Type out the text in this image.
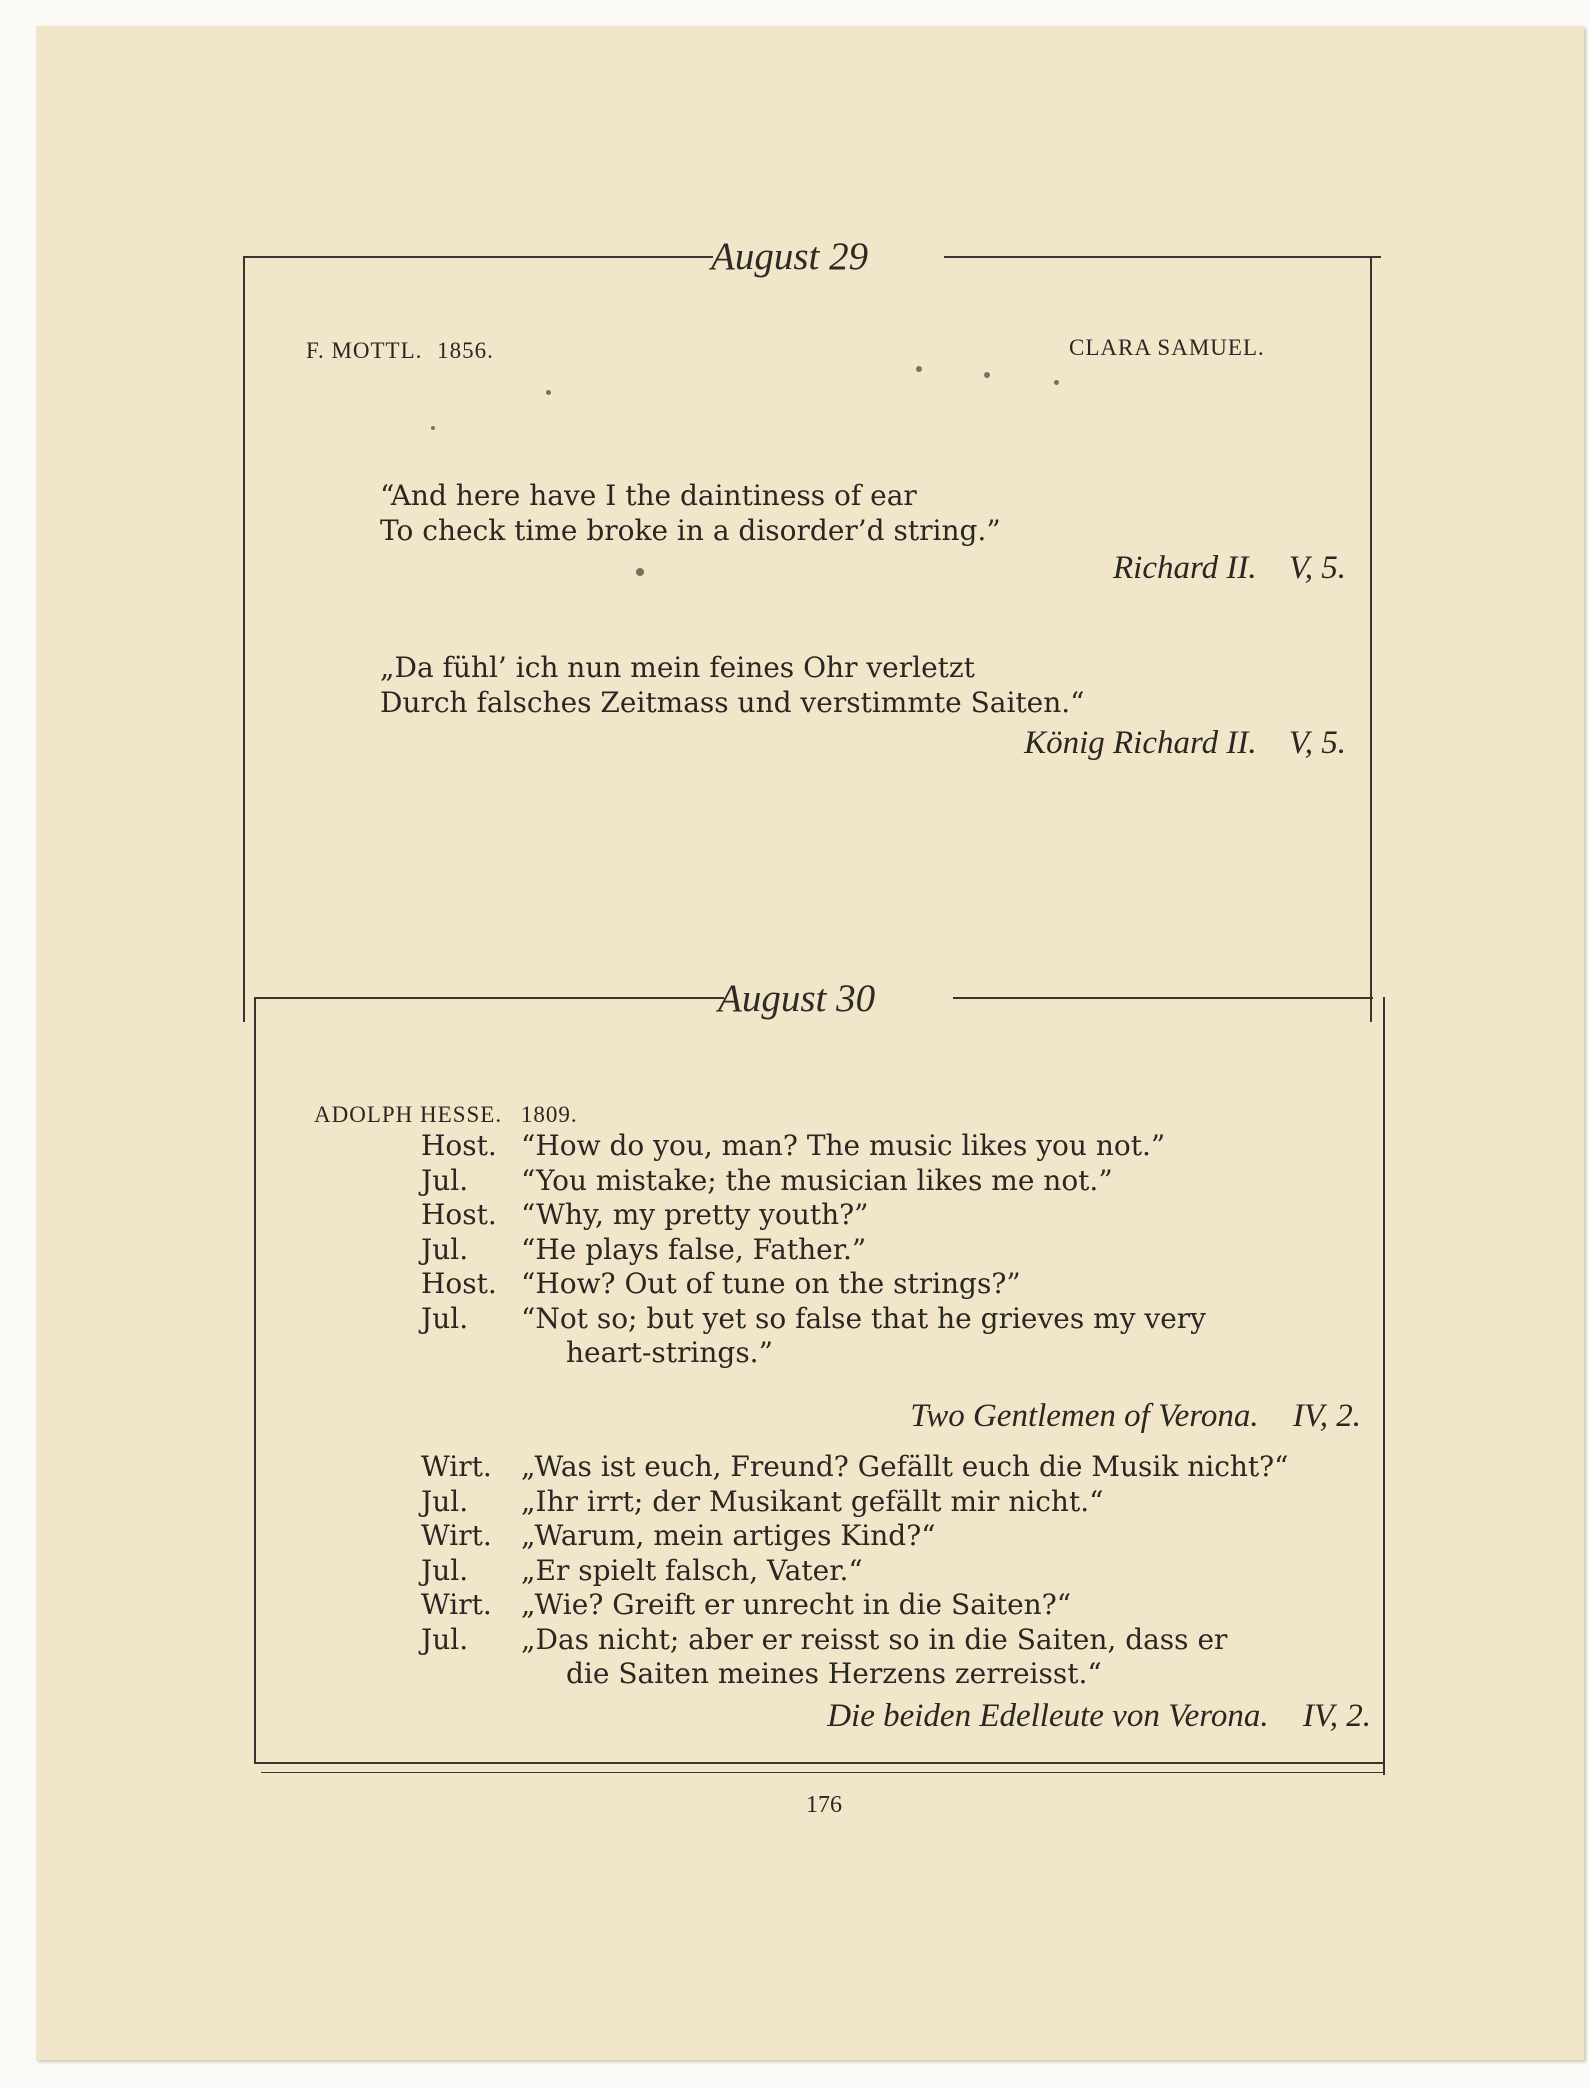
August 29
F. MOTTL. 1856.	CLARA SAMUEL.
“And here have I the daintiness of ear
To check time broke in a disorder’d string.”
Richard II. V, 5.
„Da fühl’ ich nun mein feines Ohr verletzt
Durch falsches Zeitmass und verstimmte Saiten.“
König Richard II. V, 5.
August 30
ADOLPH HESSE. 1809.
Host. “How do you, man? The music likes you not.”
Jul.	“You mistake; the musician likes me not.”
Host. “Why, my pretty youth?”
Jul.	“He plays false, Father.”
Host. “How? Out of tune on the strings?”
Jul.	“Not so; but yet so false that he grieves my very
heart-strings.”
Two Gentlemen of Verona. IV, 2.
Wirt.	„Was ist euch, Freund? Gefällt euch die Musik nicht?“
Jul.	„Ihr irrt; der Musikant gefällt mir nicht.“
Wirt.	„Warum, mein artiges Kind?“
Jul.	„Er spielt falsch, Vater.“
Wirt.	„Wie? Greift er unrecht in die Saiten?“
Jul.	„Das nicht; aber er reisst so in die Saiten, dass er
die Saiten meines Herzens zerreisst.“
Die beiden Edelleute von Verona. IV, 2.
176
